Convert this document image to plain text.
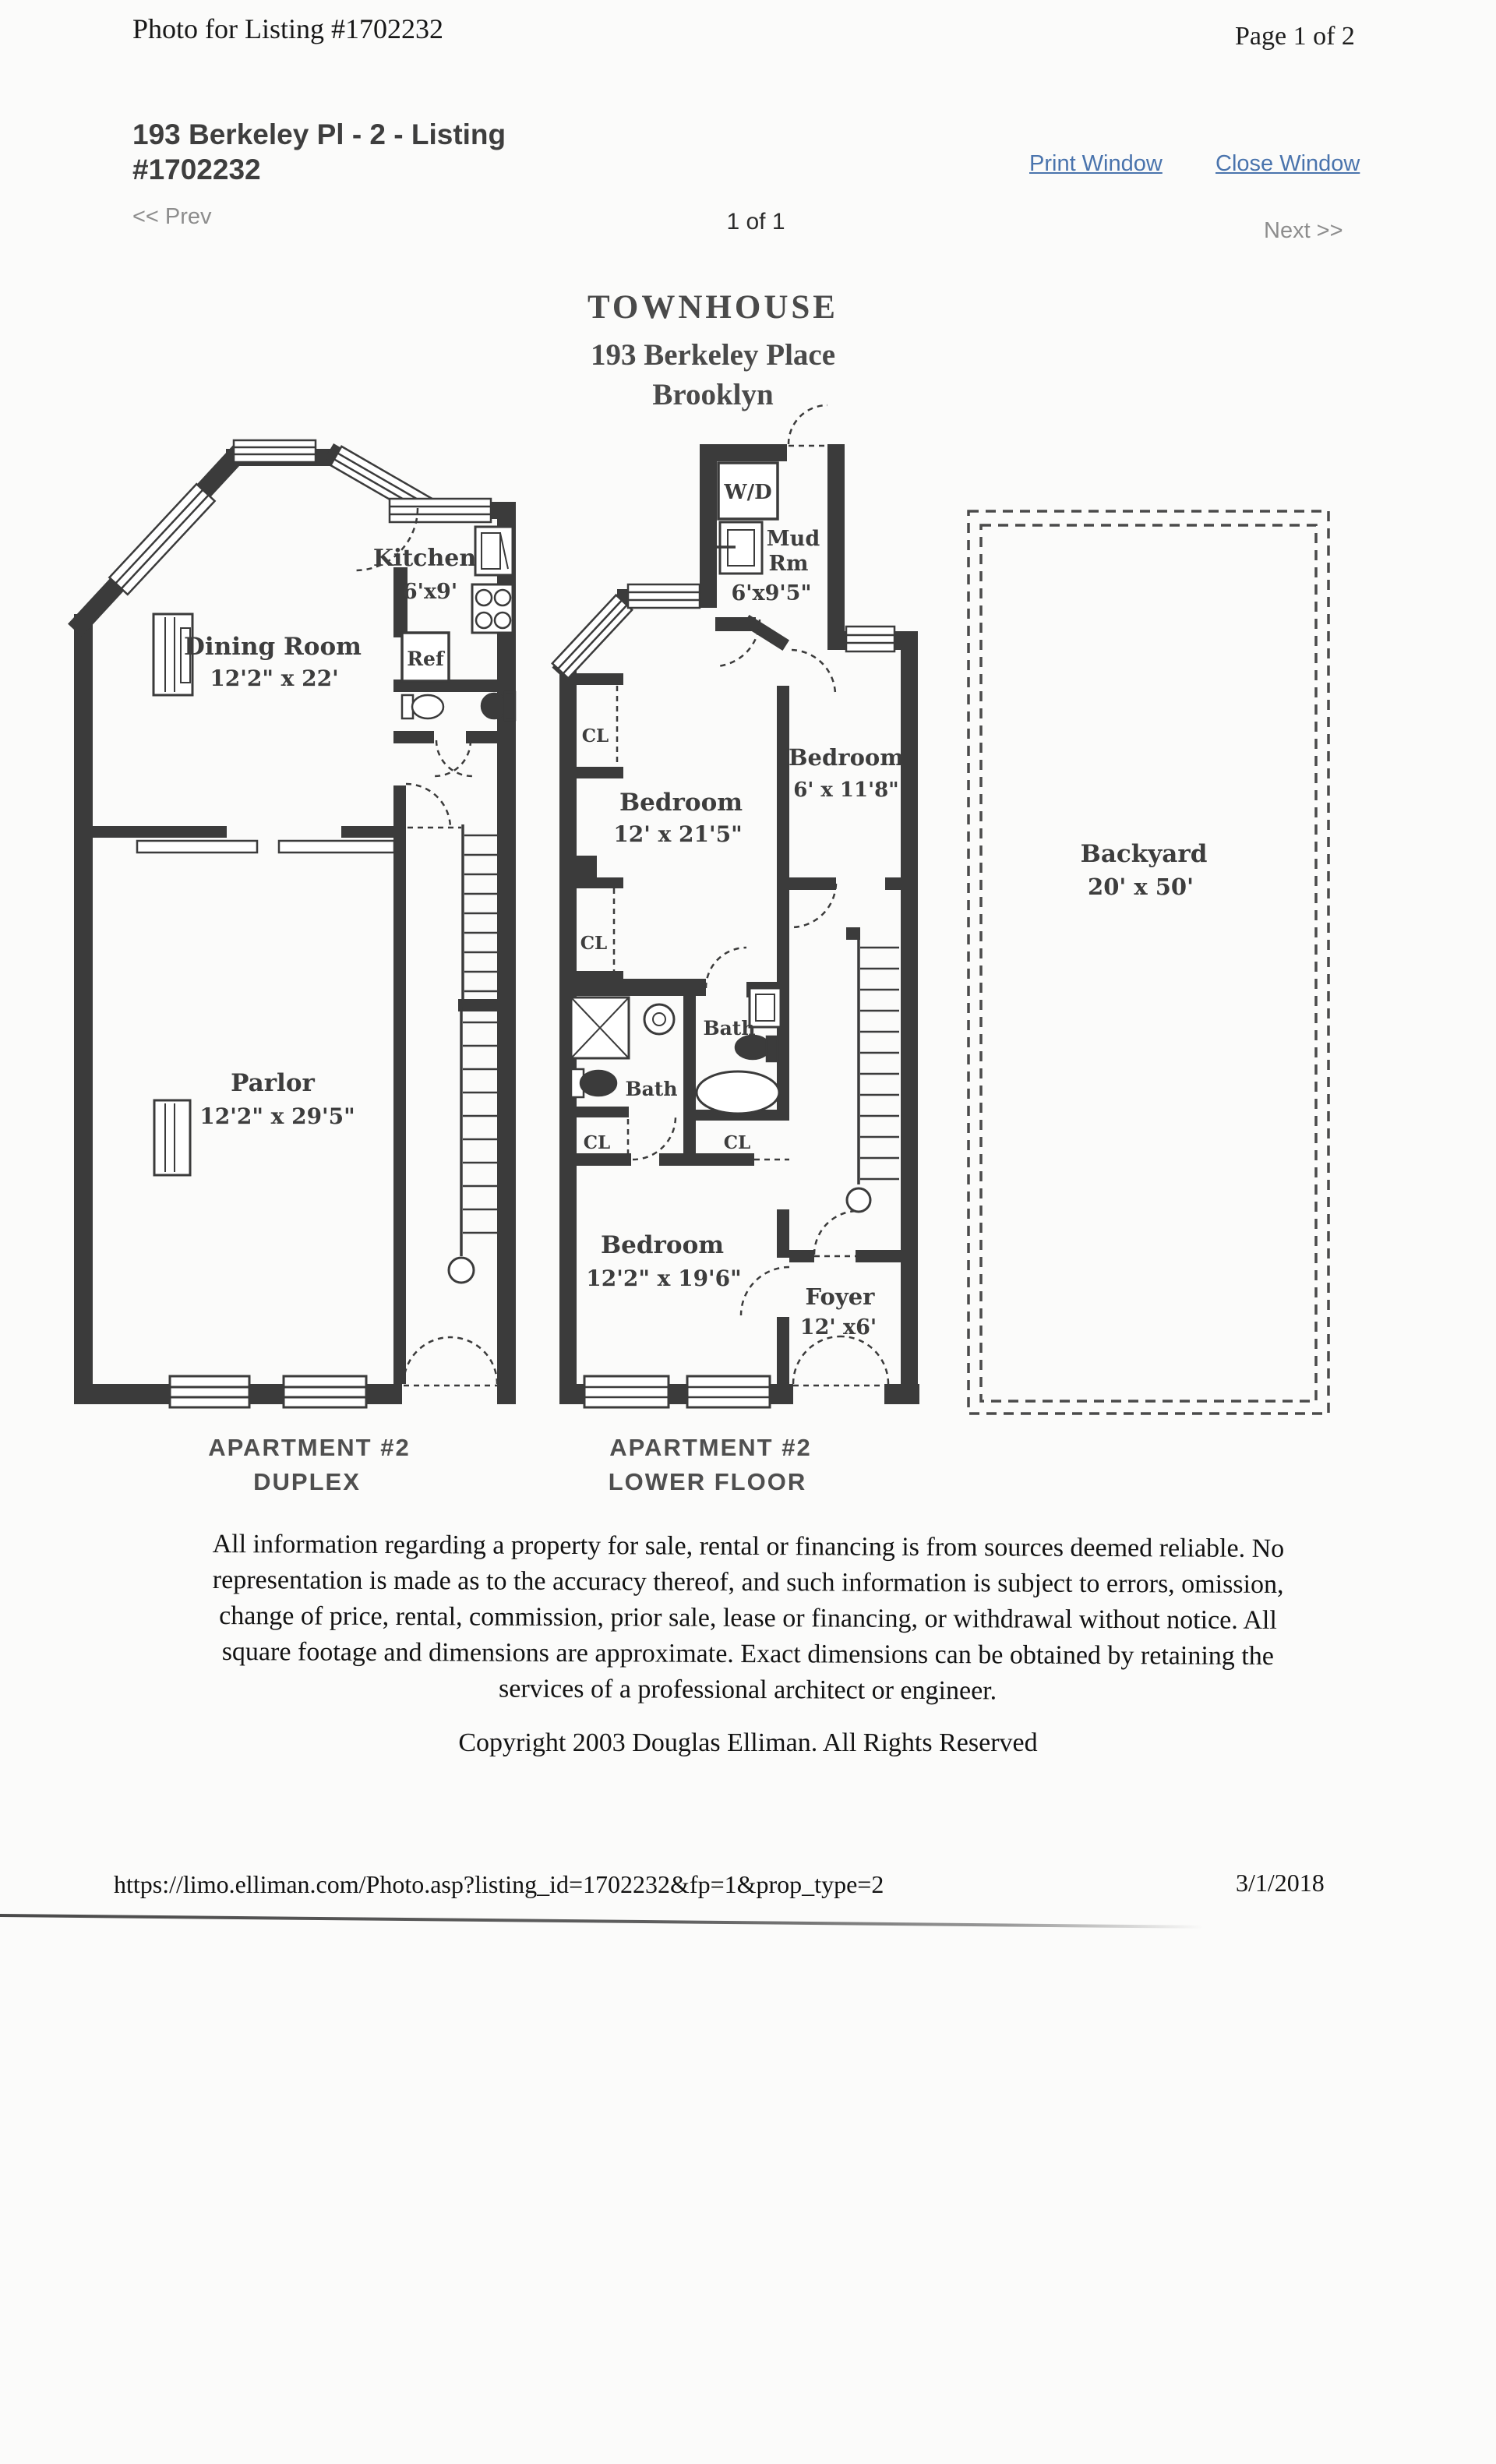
Photo for Listing #1702232	Page 1 of 2
193 Berkeley Pl - 2 - Listing
#1702232	Print Window Close Window
<< Prev	1 of 1	Next >>
TOWNHOUSE
193 Berkeley Place
Brooklyn
Kitchen
6'x9'
Dining Room
12'2" x 22'
Ref
Parlor
12'2" x 29'5"
W/D
Mud
Rm
6'x9'5"
CL
CL
Bedroom
12' x 21'5"
Bedroom
6' x 11'8"
Bath
Bath
CL	CL
Bedroom
12'2" x 19'6"
Foyer
12' x6'
Backyard
20' x 50'
APARTMENT #2
DUPLEX
APARTMENT #2
LOWER FLOOR
All information regarding a property for sale, rental or financing is from sources deemed reliable. No
representation is made as to the accuracy thereof, and such information is subject to errors, omission,
change of price, rental, commission, prior sale, lease or financing, or withdrawal without notice. All
square footage and dimensions are approximate. Exact dimensions can be obtained by retaining the
services of a professional architect or engineer.
Copyright 2003 Douglas Elliman. All Rights Reserved
https://limo.elliman.com/Photo.asp?listing_id=1702232&fp=1&prop_type=2	3/1/2018
